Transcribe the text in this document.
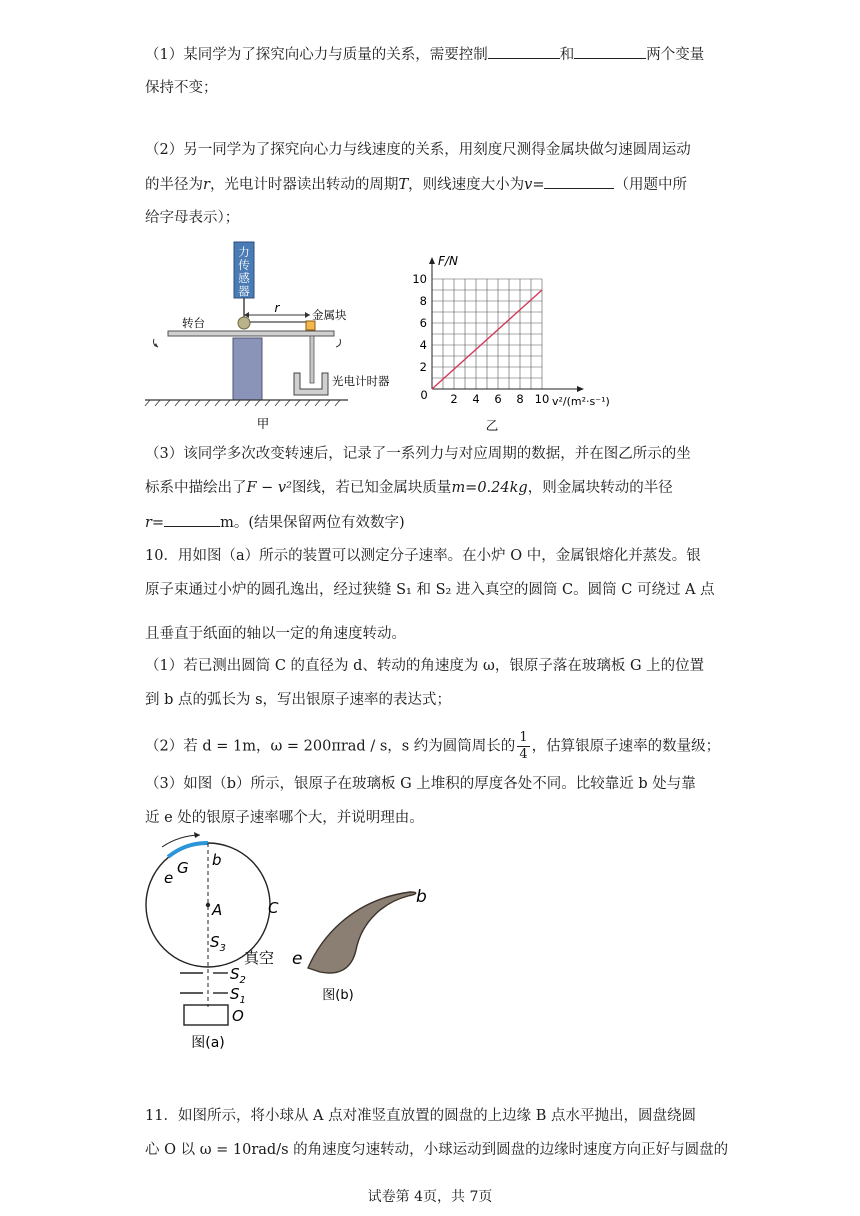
（1）某同学为了探究向心力与质量的关系，需要控制	和	两个变量
保持不变；
（2）另一同学为了探究向心力与线速度的关系，用刻度尺测得金属块做匀速圆周运动
的半径为r，光电计时器读出转动的周期T，则线速度大小为v=	（用题中所
给字母表示）；
力
传
感
器
r	金属块
转台
光电计时器
甲
2 4 6 8 10
2
4
6
8
10
0
F/N
v²/(m²·s⁻¹)
乙
（3）该同学多次改变转速后，记录了一系列力与对应周期的数据，并在图乙所示的坐
标系中描绘出了F − v²图线，若已知金属块质量m=0.24kg，则金属块转动的半径
r=	m。(结果保留两位有效数字)
10．用如图（a）所示的装置可以测定分子速率。在小炉 O 中，金属银熔化并蒸发。银
原子束通过小炉的圆孔逸出，经过狭缝 S₁ 和 S₂ 进入真空的圆筒 C。圆筒 C 可绕过 A 点
且垂直于纸面的轴以一定的角速度转动。
（1）若已测出圆筒 C 的直径为 d、转动的角速度为 ω，银原子落在玻璃板 G 上的位置
到 b 点的弧长为 s，写出银原子速率的表达式；
（2）若 d = 1m，ω = 200πrad / s，s 约为圆筒周长的 $\frac{1}{4}$ ，估算银原子速率的数量级；
（3）如图（b）所示，银原子在玻璃板 G 上堆积的厚度各处不同。比较靠近 b 处与靠
近 e 处的银原子速率哪个大，并说明理由。
b
e
G
A	C
$S_3$
真空
$S_2$
$S_1$
O
图(a)
b
e
图(b)
11．如图所示，将小球从 A 点对准竖直放置的圆盘的上边缘 B 点水平抛出，圆盘绕圆
心 O 以 ω = 10rad/s 的角速度匀速转动，小球运动到圆盘的边缘时速度方向正好与圆盘的
试卷第 4页，共 7页
